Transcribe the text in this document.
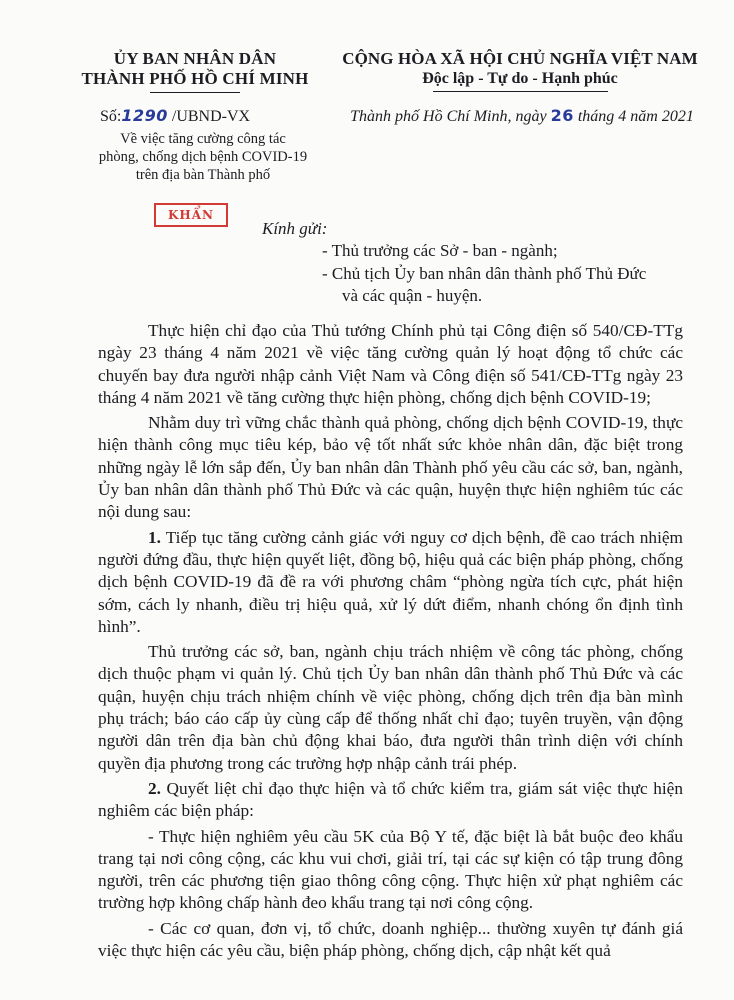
ỦY BAN NHÂN DÂN
THÀNH PHỐ HỒ CHÍ MINH
CỘNG HÒA XÃ HỘI CHỦ NGHĨA VIỆT NAM
Độc lập - Tự do - Hạnh phúc
Số:1290 /UBND-VX
Về việc tăng cường công tác
phòng, chống dịch bệnh COVID-19
trên địa bàn Thành phố
Thành phố Hồ Chí Minh, ngày 26 tháng 4 năm 2021
KHẨN
Kính gửi:
- Thủ trưởng các Sở - ban - ngành;
- Chủ tịch Ủy ban nhân dân thành phố Thủ Đức
và các quận - huyện.

Thực hiện chỉ đạo của Thủ tướng Chính phủ tại Công điện số 540/CĐ-TTg ngày 23 tháng 4 năm 2021 về việc tăng cường quản lý hoạt động tổ chức các chuyến bay đưa người nhập cảnh Việt Nam và Công điện số 541/CĐ-TTg ngày 23 tháng 4 năm 2021 về tăng cường thực hiện phòng, chống dịch bệnh COVID-19;

Nhằm duy trì vững chắc thành quả phòng, chống dịch bệnh COVID-19, thực hiện thành công mục tiêu kép, bảo vệ tốt nhất sức khỏe nhân dân, đặc biệt trong những ngày lễ lớn sắp đến, Ủy ban nhân dân Thành phố yêu cầu các sở, ban, ngành, Ủy ban nhân dân thành phố Thủ Đức và các quận, huyện thực hiện nghiêm túc các nội dung sau:

1. Tiếp tục tăng cường cảnh giác với nguy cơ dịch bệnh, đề cao trách nhiệm người đứng đầu, thực hiện quyết liệt, đồng bộ, hiệu quả các biện pháp phòng, chống dịch bệnh COVID-19 đã đề ra với phương châm “phòng ngừa tích cực, phát hiện sớm, cách ly nhanh, điều trị hiệu quả, xử lý dứt điểm, nhanh chóng ổn định tình hình”.

Thủ trưởng các sở, ban, ngành chịu trách nhiệm về công tác phòng, chống dịch thuộc phạm vi quản lý. Chủ tịch Ủy ban nhân dân thành phố Thủ Đức và các quận, huyện chịu trách nhiệm chính về việc phòng, chống dịch trên địa bàn mình phụ trách; báo cáo cấp ủy cùng cấp để thống nhất chỉ đạo; tuyên truyền, vận động người dân trên địa bàn chủ động khai báo, đưa người thân trình diện với chính quyền địa phương trong các trường hợp nhập cảnh trái phép.

2. Quyết liệt chỉ đạo thực hiện và tổ chức kiểm tra, giám sát việc thực hiện nghiêm các biện pháp:

- Thực hiện nghiêm yêu cầu 5K của Bộ Y tế, đặc biệt là bắt buộc đeo khẩu trang tại nơi công cộng, các khu vui chơi, giải trí, tại các sự kiện có tập trung đông người, trên các phương tiện giao thông công cộng. Thực hiện xử phạt nghiêm các trường hợp không chấp hành đeo khẩu trang tại nơi công cộng.

- Các cơ quan, đơn vị, tổ chức, doanh nghiệp... thường xuyên tự đánh giá việc thực hiện các yêu cầu, biện pháp phòng, chống dịch, cập nhật kết quả
